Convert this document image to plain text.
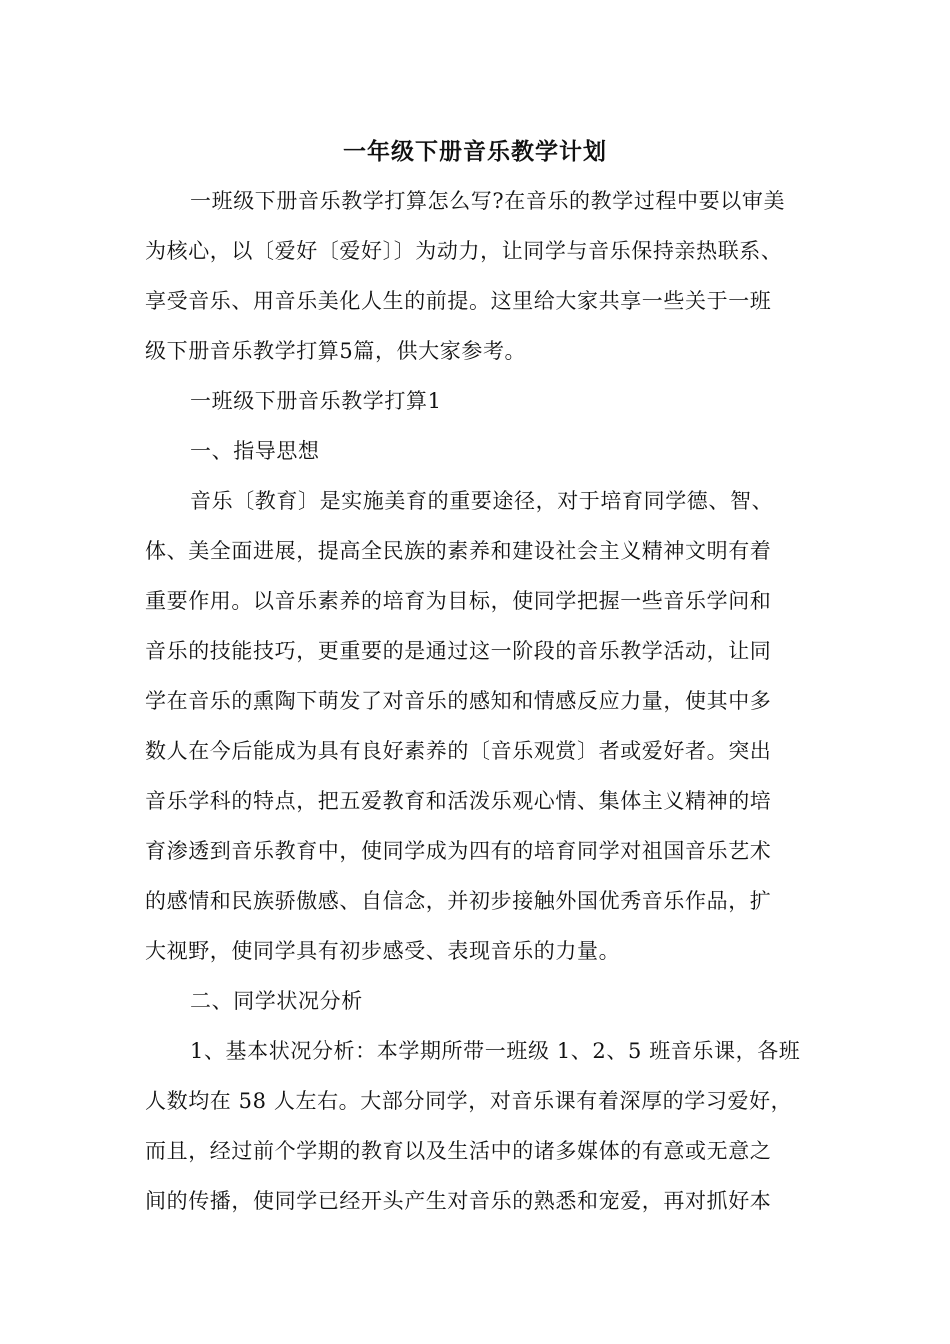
一年级下册音乐教学计划
一班级下册音乐教学打算怎么写?在音乐的教学过程中要以审美
为核心，以〔爱好〔爱好〕〕为动力，让同学与音乐保持亲热联系、
享受音乐、用音乐美化人生的前提。这里给大家共享一些关于一班
级下册音乐教学打算5篇，供大家参考。
一班级下册音乐教学打算1
一、指导思想
音乐〔教育〕是实施美育的重要途径，对于培育同学德、智、
体、美全面进展，提高全民族的素养和建设社会主义精神文明有着
重要作用。以音乐素养的培育为目标，使同学把握一些音乐学问和
音乐的技能技巧，更重要的是通过这一阶段的音乐教学活动，让同
学在音乐的熏陶下萌发了对音乐的感知和情感反应力量，使其中多
数人在今后能成为具有良好素养的〔音乐观赏〕者或爱好者。突出
音乐学科的特点，把五爱教育和活泼乐观心情、集体主义精神的培
育渗透到音乐教育中，使同学成为四有的培育同学对祖国音乐艺术
的感情和民族骄傲感、自信念，并初步接触外国优秀音乐作品，扩
大视野，使同学具有初步感受、表现音乐的力量。
二、同学状况分析
1、基本状况分析：本学期所带一班级 1、2、5 班音乐课，各班
人数均在 58 人左右。大部分同学，对音乐课有着深厚的学习爱好，
而且，经过前个学期的教育以及生活中的诸多媒体的有意或无意之
间的传播，使同学已经开头产生对音乐的熟悉和宠爱，再对抓好本
